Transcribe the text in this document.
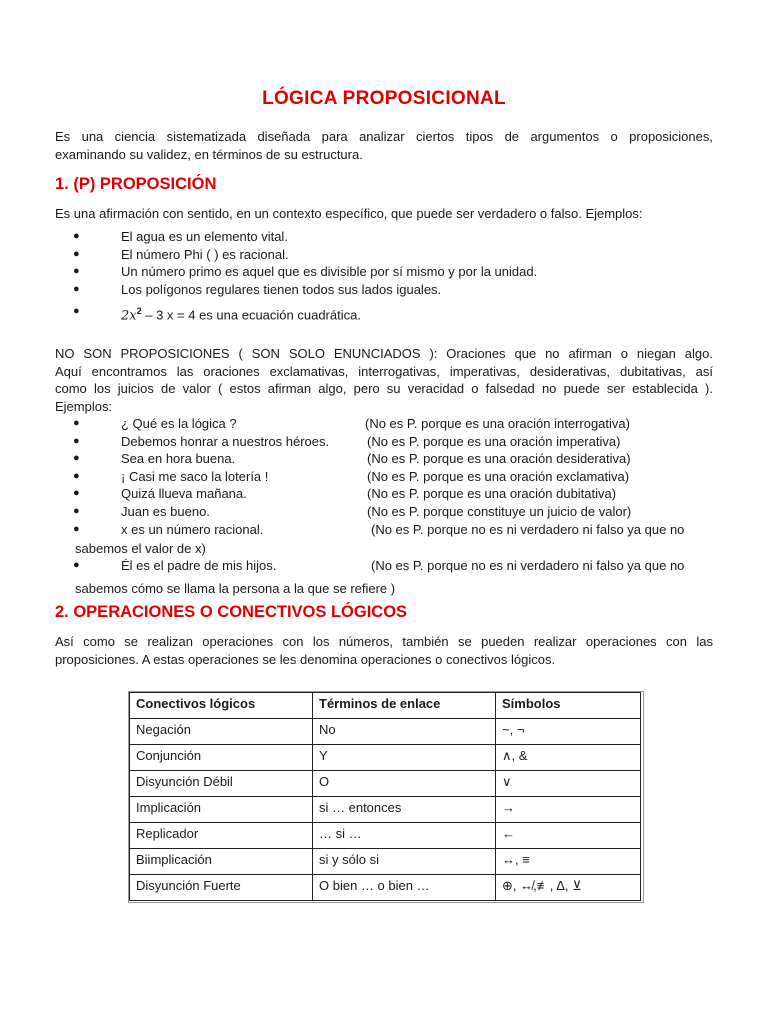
LÓGICA PROPOSICIONAL
Es una ciencia sistematizada diseñada para analizar ciertos tipos de argumentos o proposiciones,
examinando su validez, en términos de su estructura.
1. (P) PROPOSICIÓN
Es una afirmación con sentido, en un contexto específico, que puede ser verdadero o falso. Ejemplos:
●	El agua es un elemento vital.
●	El número Phi ( ) es racional.
●	Un número primo es aquel que es divisible por sí mismo y por la unidad.
●	Los polígonos regulares tienen todos sus lados iguales.
●	$2x^2 - 3$ x = 4 es una ecuación cuadrática.
NO SON PROPOSICIONES ( SON SOLO ENUNCIADOS ): Oraciones que no afirman o niegan algo.
Aquí encontramos las oraciones exclamativas, interrogativas, imperativas, desiderativas, dubitativas, así
como los juicios de valor ( estos afirman algo, pero su veracidad o falsedad no puede ser establecida ).
Ejemplos:
●	¿ Qué es la lógica ?	(No es P. porque es una oración interrogativa)
●	Debemos honrar a nuestros héroes.	(No es P. porque es una oración imperativa)
●	Sea en hora buena.	(No es P. porque es una oración desiderativa)
●	¡ Casi me saco la lotería !	(No es P. porque es una oración exclamativa)
●	Quizá llueva mañana.	(No es P. porque es una oración dubitativa)
●	Juan es bueno.	(No es P. porque constituye un juicio de valor)
●	x es un número racional.	(No es P. porque no es ni verdadero ni falso ya que no
sabemos el valor de x)
●	Él es el padre de mis hijos.	(No es P. porque no es ni verdadero ni falso ya que no
sabemos cómo se llama la persona a la que se refiere )
2. OPERACIONES O CONECTIVOS LÓGICOS
Así como se realizan operaciones con los números, también se pueden realizar operaciones con las
proposiciones. A estas operaciones se les denomina operaciones o conectivos lógicos.
Conectivos lógicos	Términos de enlace	Símbolos
Negación	No	~, ¬
Conjunción	Y	∧, &
Disyunción Débil	O	∨
Implicación	si … entonces	→
Replicador	… si …	←
Biimplicación	si y sólo si	↔, ≡
Disyunción Fuerte	O bien … o bien …	⊕, ↮,≢, Δ, ⊻
